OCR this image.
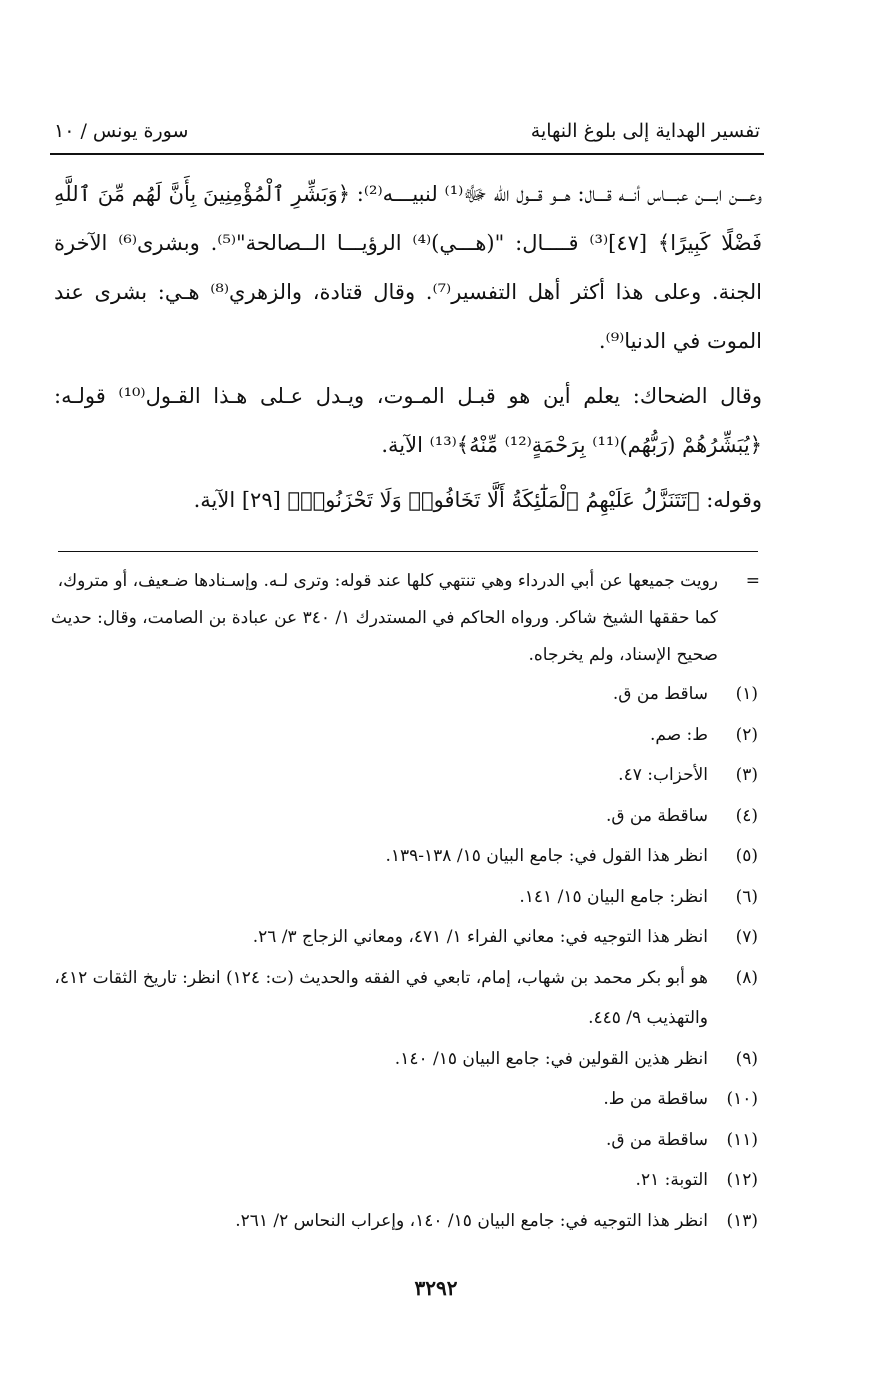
تفسير الهداية إلى بلوغ النهاية
سورة يونس / ١٠

وعــــن ابــــن عبــــاس أنـــه قــــال: هـــو قـــول الله ﷻ⁽¹⁾ لنبيـــه⁽²⁾: ﴿وَبَشِّرِ ٱلْمُؤْمِنِينَ بِأَنَّ لَهُم مِّنَ ٱللَّهِ فَضْلًا كَبِيرًا﴾ [٤٧]⁽³⁾ قــــال: "(هـــي)⁽⁴⁾ الرؤيـــا الــصالحة"⁽⁵⁾. وبشرى⁽⁶⁾ الآخرة الجنة. وعلى هذا أكثر أهل التفسير⁽⁷⁾. وقال قتادة، والزهري⁽⁸⁾ هـي: بشرى عند الموت في الدنيا⁽⁹⁾.

وقال الضحاك: يعلم أين هو قبـل المـوت، ويـدل عـلى هـذا القـول⁽¹⁰⁾ قولـه: ﴿يُبَشِّرُهُمْ (رَبُّهُم)⁽¹¹⁾ بِرَحْمَةٍ⁽¹²⁾ مِّنْهُ﴾⁽¹³⁾ الآية.

وقوله: ﴿تَتَنَزَّلُ عَلَيْهِمُ ٱلْمَلَٰٓئِكَةُ أَلَّا تَخَافُوا۟ وَلَا تَحْزَنُوا۟﴾ [٢٩] الآية.

=
رويت جميعها عن أبي الدرداء وهي تنتهي كلها عند قوله: وترى لـه. وإسـنادها ضـعيف، أو متروك، كما حققها الشيخ شاكر. ورواه الحاكم في المستدرك ١/ ٣٤٠ عن عبادة بن الصامت، وقال: حديث صحيح الإسناد، ولم يخرجاه.
(١)
ساقط من ق.
(٢)
ط: صم.
(٣)
الأحزاب: ٤٧.
(٤)
ساقطة من ق.
(٥)
انظر هذا القول في: جامع البيان ١٥/ ١٣٨-١٣٩.
(٦)
انظر: جامع البيان ١٥/ ١٤١.
(٧)
انظر هذا التوجيه في: معاني الفراء ١/ ٤٧١، ومعاني الزجاج ٣/ ٢٦.
(٨)
هو أبو بكر محمد بن شهاب، إمام، تابعي في الفقه والحديث (ت: ١٢٤) انظر: تاريخ الثقات ٤١٢، والتهذيب ٩/ ٤٤٥.
(٩)
انظر هذين القولين في: جامع البيان ١٥/ ١٤٠.
(١٠)
ساقطة من ط.
(١١)
ساقطة من ق.
(١٢)
التوبة: ٢١.
(١٣)
انظر هذا التوجيه في: جامع البيان ١٥/ ١٤٠، وإعراب النحاس ٢/ ٢٦١.
٣٢٩٢
